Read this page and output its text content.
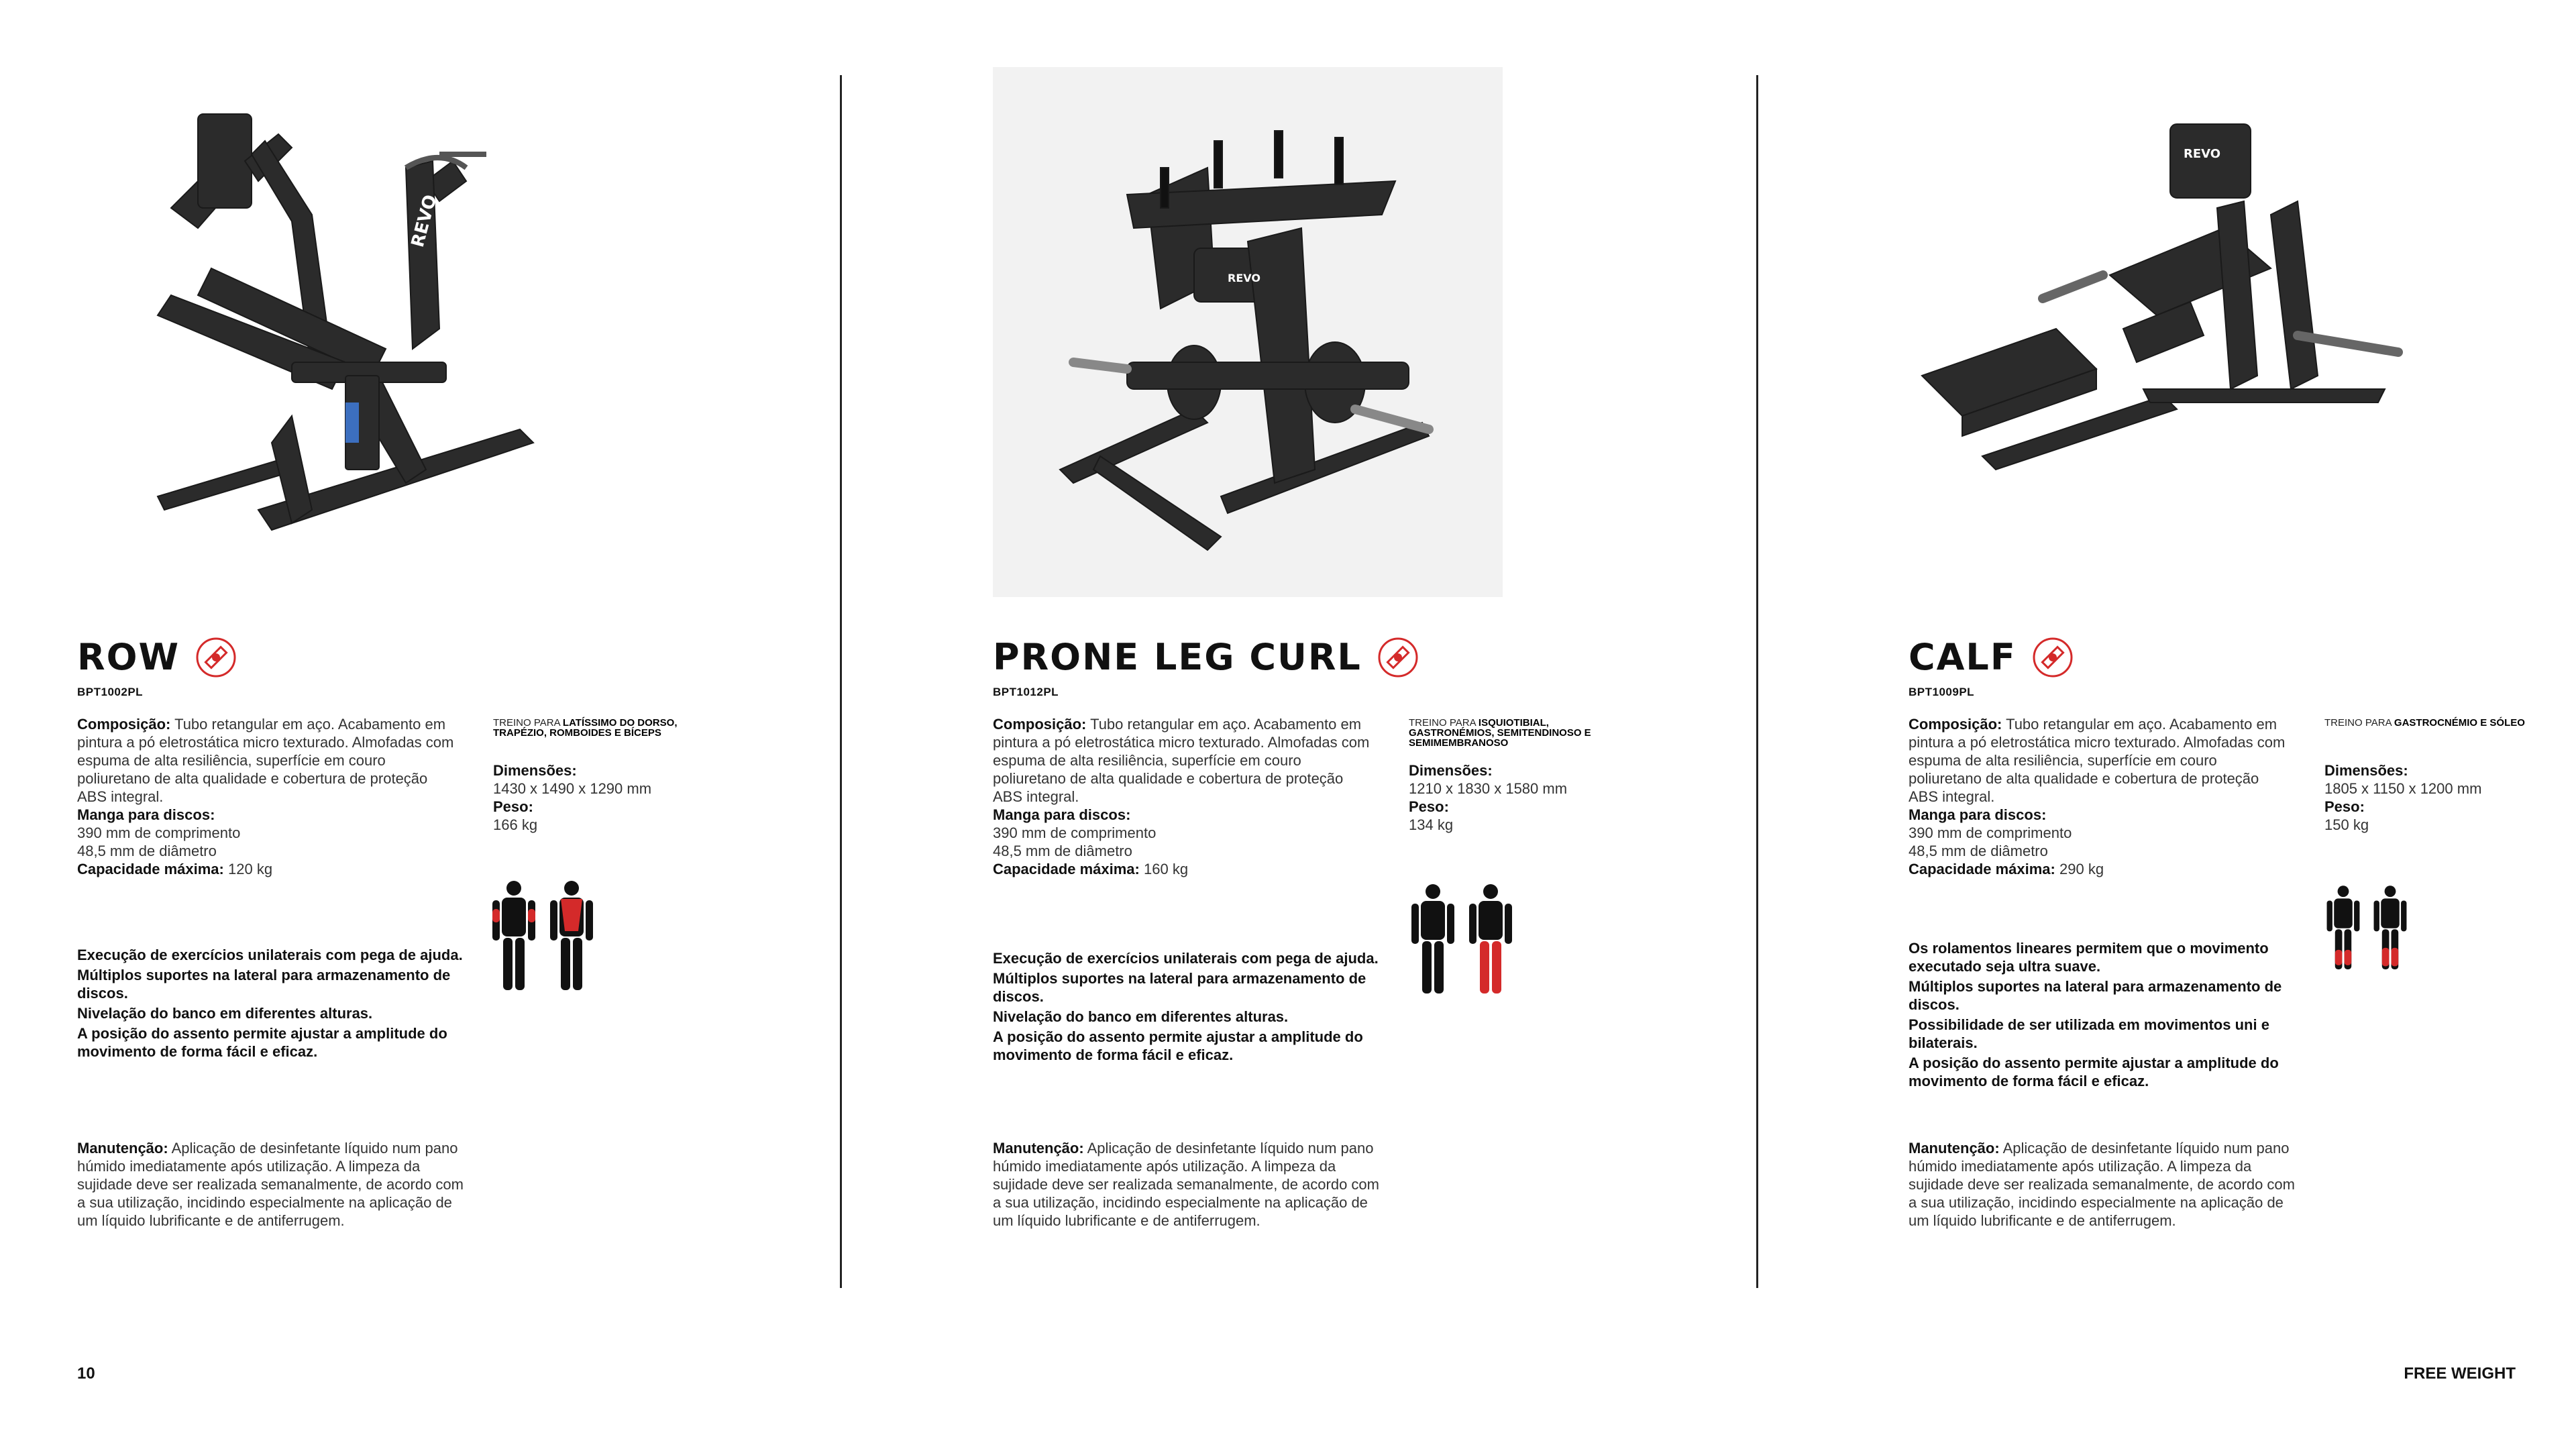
REVO
ROW
BPT1002PL

Composição: Tubo retangular em aço. Acabamento em pintura a pó eletrostática micro texturado. Almofadas com espuma de alta resiliência, superfície em couro poliuretano de alta qualidade e cobertura de proteção ABS integral.

Manga para discos:

390 mm de comprimento

48,5 mm de diâmetro

Capacidade máxima: 120 kg

TREINO PARA LATÍSSIMO DO DORSO, TRAPÉZIO, ROMBOIDES E BÍCEPS

Dimensões:

1430 x 1490 x 1290 mm

Peso:

166 kg

Execução de exercícios unilaterais com pega de ajuda.

Múltiplos suportes na lateral para armazenamento de discos.

Nivelação do banco em diferentes alturas.

A posição do assento permite ajustar a amplitude do movimento de forma fácil e eficaz.

Manutenção: Aplicação de desinfetante líquido num pano húmido imediatamente após utilização. A limpeza da sujidade deve ser realizada semanalmente, de acordo com a sua utilização, incidindo especialmente na aplicação de um líquido lubrificante e de antiferrugem.
REVO
PRONE LEG CURL
BPT1012PL

Composição: Tubo retangular em aço. Acabamento em pintura a pó eletrostática micro texturado. Almofadas com espuma de alta resiliência, superfície em couro poliuretano de alta qualidade e cobertura de proteção ABS integral.

Manga para discos:

390 mm de comprimento

48,5 mm de diâmetro

Capacidade máxima: 160 kg

TREINO PARA ISQUIOTIBIAL, GASTRONÉMIOS, SEMITENDINOSO E SEMIMEMBRANOSO

Dimensões:

1210 x 1830 x 1580 mm

Peso:

134 kg

Execução de exercícios unilaterais com pega de ajuda.

Múltiplos suportes na lateral para armazenamento de discos.

Nivelação do banco em diferentes alturas.

A posição do assento permite ajustar a amplitude do movimento de forma fácil e eficaz.

Manutenção: Aplicação de desinfetante líquido num pano húmido imediatamente após utilização. A limpeza da sujidade deve ser realizada semanalmente, de acordo com a sua utilização, incidindo especialmente na aplicação de um líquido lubrificante e de antiferrugem.
REVO
CALF
BPT1009PL

Composição: Tubo retangular em aço. Acabamento em pintura a pó eletrostática micro texturado. Almofadas com espuma de alta resiliência, superfície em couro poliuretano de alta qualidade e cobertura de proteção ABS integral.

Manga para discos:

390 mm de comprimento

48,5 mm de diâmetro

Capacidade máxima: 290 kg

TREINO PARA GASTROCNÉMIO E SÓLEO

Dimensões:

1805 x 1150 x 1200 mm

Peso:

150 kg

Os rolamentos lineares permitem que o movimento executado seja ultra suave.

Múltiplos suportes na lateral para armazenamento de discos.

Possibilidade de ser utilizada em movimentos uni e bilaterais.

A posição do assento permite ajustar a amplitude do movimento de forma fácil e eficaz.

Manutenção: Aplicação de desinfetante líquido num pano húmido imediatamente após utilização. A limpeza da sujidade deve ser realizada semanalmente, de acordo com a sua utilização, incidindo especialmente na aplicação de um líquido lubrificante e de antiferrugem.
10	FREE WEIGHT
